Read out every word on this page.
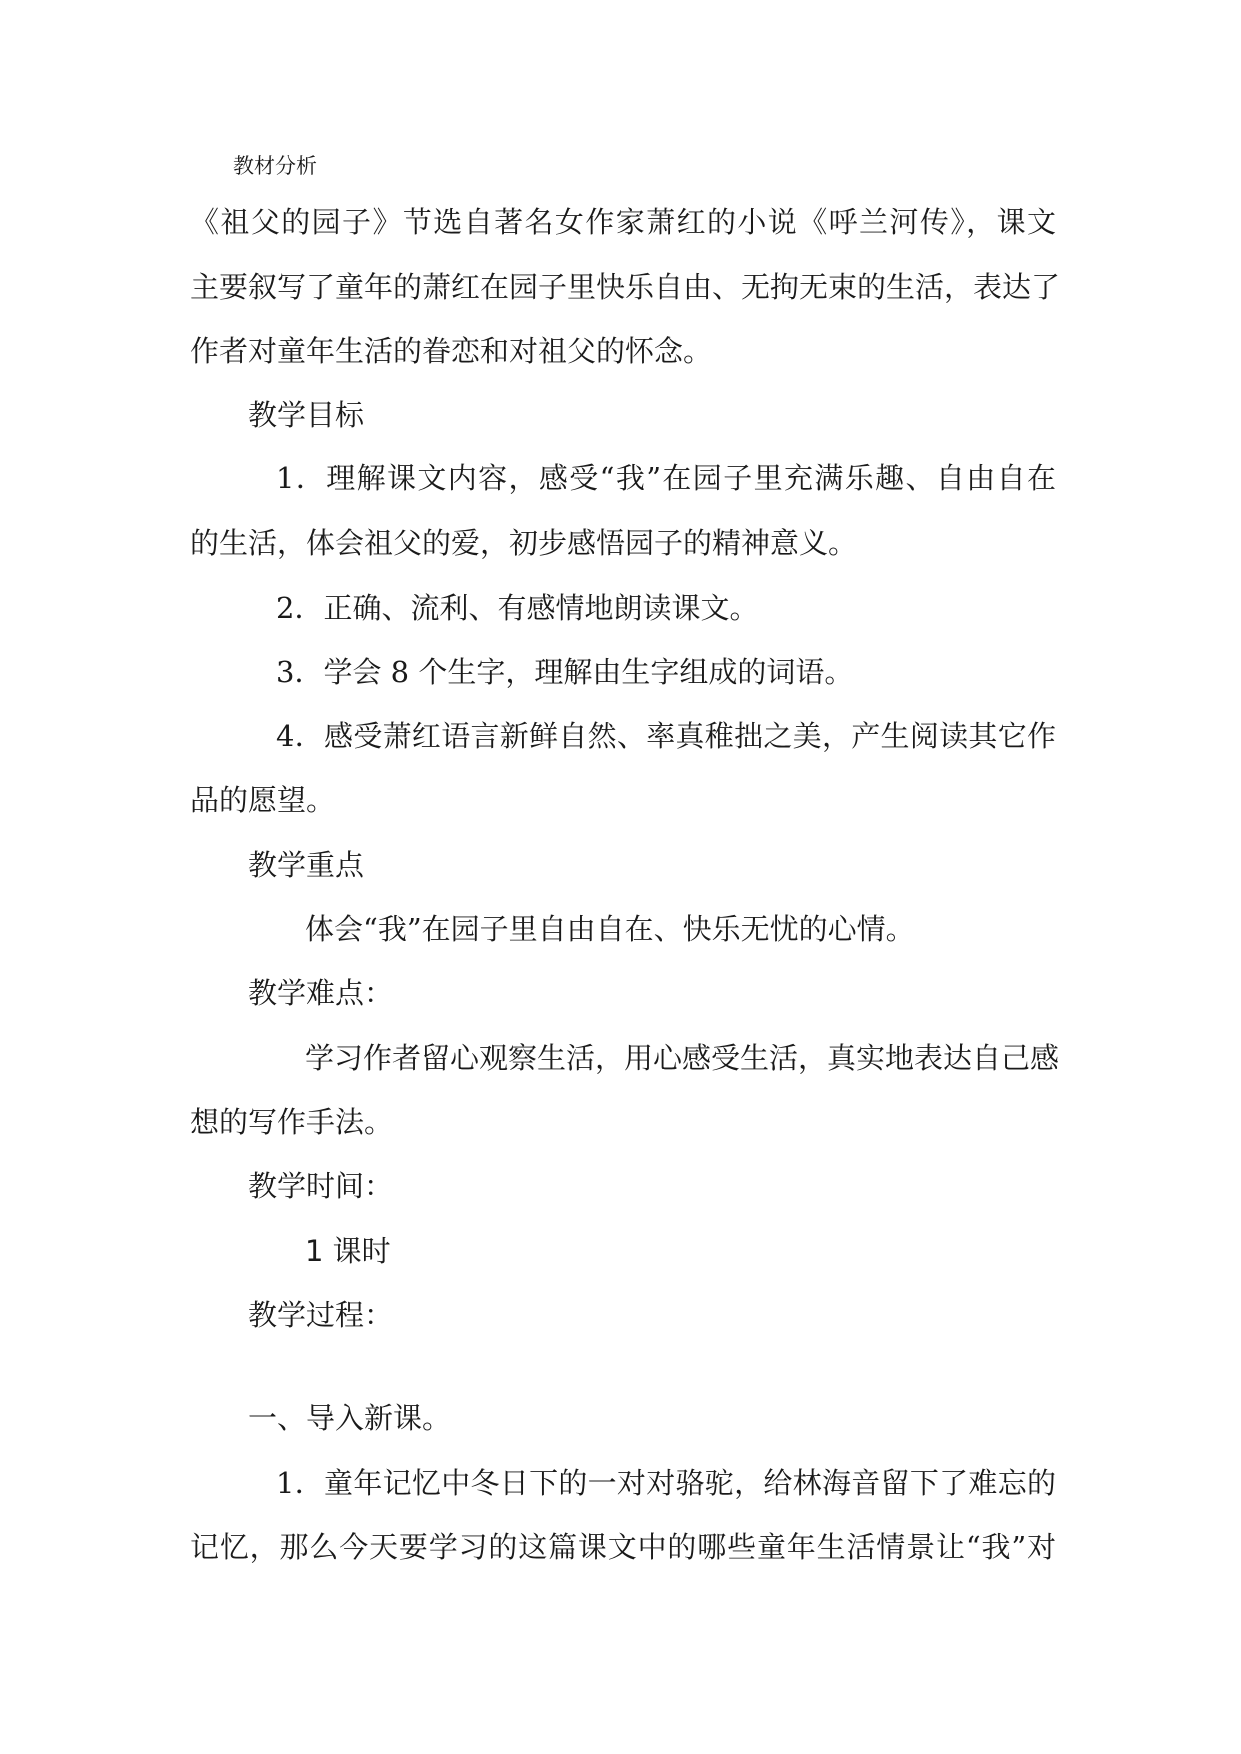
教材分析
《祖父的园子》节选自著名女作家萧红的小说《呼兰河传》，课文
主要叙写了童年的萧红在园子里快乐自由、无拘无束的生活，表达了
作者对童年生活的眷恋和对祖父的怀念。
教学目标
1．理解课文内容，感受“我”在园子里充满乐趣、自由自在
的生活，体会祖父的爱，初步感悟园子的精神意义。
2．正确、流利、有感情地朗读课文。
3．学会 8 个生字，理解由生字组成的词语。
4．感受萧红语言新鲜自然、率真稚拙之美，产生阅读其它作
品的愿望。
教学重点
体会“我”在园子里自由自在、快乐无忧的心情。
教学难点：
学习作者留心观察生活，用心感受生活，真实地表达自己感
想的写作手法。
教学时间：
1 课时
教学过程：
一、导入新课。
1．童年记忆中冬日下的一对对骆驼，给林海音留下了难忘的
记忆，那么今天要学习的这篇课文中的哪些童年生活情景让“我”对
